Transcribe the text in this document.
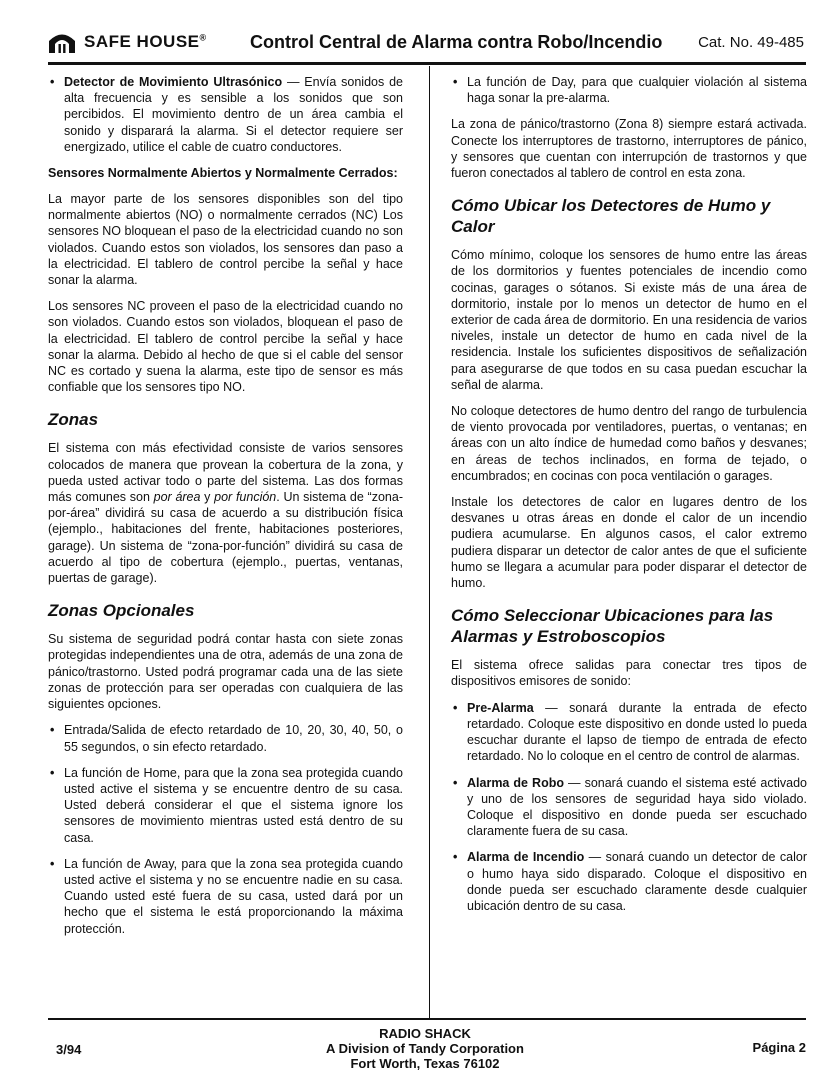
SAFE HOUSE® Control Central de Alarma contra Robo/Incendio Cat. No. 49-485
• Detector de Movimiento Ultrasónico — Envía sonidos de alta frecuencia y es sensible a los sonidos que son percibidos. El movimiento dentro de un área cambia el sonido y disparará la alarma. Si el detector requiere ser energizado, utilice el cable de cuatro conductores.
Sensores Normalmente Abiertos y Normalmente Cerrados:

La mayor parte de los sensores disponibles son del tipo normalmente abiertos (NO) o normalmente cerrados (NC) Los sensores NO bloquean el paso de la electricidad cuando no son violados. Cuando estos son violados, los sensores dan paso a la electricidad. El tablero de control percibe la señal y hace sonar la alarma.

Los sensores NC proveen el paso de la electricidad cuando no son violados. Cuando estos son violados, bloquean el paso de la electricidad. El tablero de control percibe la señal y hace sonar la alarma. Debido al hecho de que si el cable del sensor NC es cortado y suena la alarma, este tipo de sensor es más confiable que los sensores tipo NO.

Zonas

El sistema con más efectividad consiste de varios sensores colocados de manera que provean la cobertura de la zona, y pueda usted activar todo o parte del sistema. Las dos formas más comunes son por área y por función. Un sistema de “zona-por-área” dividirá su casa de acuerdo a su distribución física (ejemplo., habitaciones del frente, habitaciones posteriores, garage). Un sistema de “zona-por-función” dividirá su casa de acuerdo al tipo de cobertura (ejemplo., puertas, ventanas, puertas de garage).

Zonas Opcionales

Su sistema de seguridad podrá contar hasta con siete zonas protegidas independientes una de otra, además de una zona de pánico/trastorno. Usted podrá programar cada una de las siete zonas de protección para ser operadas con cualquiera de las siguientes opciones.

• Entrada/Salida de efecto retardado de 10, 20, 30, 40, 50, o 55 segundos, o sin efecto retardado.
• La función de Home, para que la zona sea protegida cuando usted active el sistema y se encuentre dentro de su casa. Usted deberá considerar el que el sistema ignore los sensores de movimiento mientras usted está dentro de su casa.
• La función de Away, para que la zona sea protegida cuando usted active el sistema y no se encuentre nadie en su casa. Cuando usted esté fuera de su casa, usted dará por un hecho que el sistema le está proporcionando la máxima protección.
• La función de Day, para que cualquier violación al sistema haga sonar la pre-alarma.

La zona de pánico/trastorno (Zona 8) siempre estará activada. Conecte los interruptores de trastorno, interruptores de pánico, y sensores que cuentan con interrupción de trastornos y que fueron conectados al tablero de control en esta zona.

Cómo Ubicar los Detectores de Humo y Calor

Cómo mínimo, coloque los sensores de humo entre las áreas de los dormitorios y fuentes potenciales de incendio como cocinas, garages o sótanos. Si existe más de una área de dormitorio, instale por lo menos un detector de humo en el exterior de cada área de dormitorio. En una residencia de varios niveles, instale un detector de humo en cada nivel de la residencia. Instale los suficientes dispositivos de señalización para asegurarse de que todos en su casa puedan escuchar la señal de alarma.

No coloque detectores de humo dentro del rango de turbulencia de viento provocada por ventiladores, puertas, o ventanas; en áreas con un alto índice de humedad como baños y desvanes; en áreas de techos inclinados, en forma de tejado, o encumbrados; en cocinas con poca ventilación o garages.

Instale los detectores de calor en lugares dentro de los desvanes u otras áreas en donde el calor de un incendio pudiera acumularse. En algunos casos, el calor extremo pudiera disparar un detector de calor antes de que el suficiente humo se llegara a acumular para poder disparar el detector de humo.

Cómo Seleccionar Ubicaciones para las Alarmas y Estroboscopios

El sistema ofrece salidas para conectar tres tipos de dispositivos emisores de sonido:

• Pre-Alarma — sonará durante la entrada de efecto retardado. Coloque este dispositivo en donde usted lo pueda escuchar durante el lapso de tiempo de entrada de efecto retardado. No lo coloque en el centro de control de alarmas.
• Alarma de Robo — sonará cuando el sistema esté activado y uno de los sensores de seguridad haya sido violado. Coloque el dispositivo en donde pueda ser escuchado claramente fuera de su casa.
• Alarma de Incendio — sonará cuando un detector de calor o humo haya sido disparado. Coloque el dispositivo en donde pueda ser escuchado claramente desde cualquier ubicación dentro de su casa.
3/94
RADIO SHACK
A Division of Tandy Corporation
Fort Worth, Texas 76102
Página 2
